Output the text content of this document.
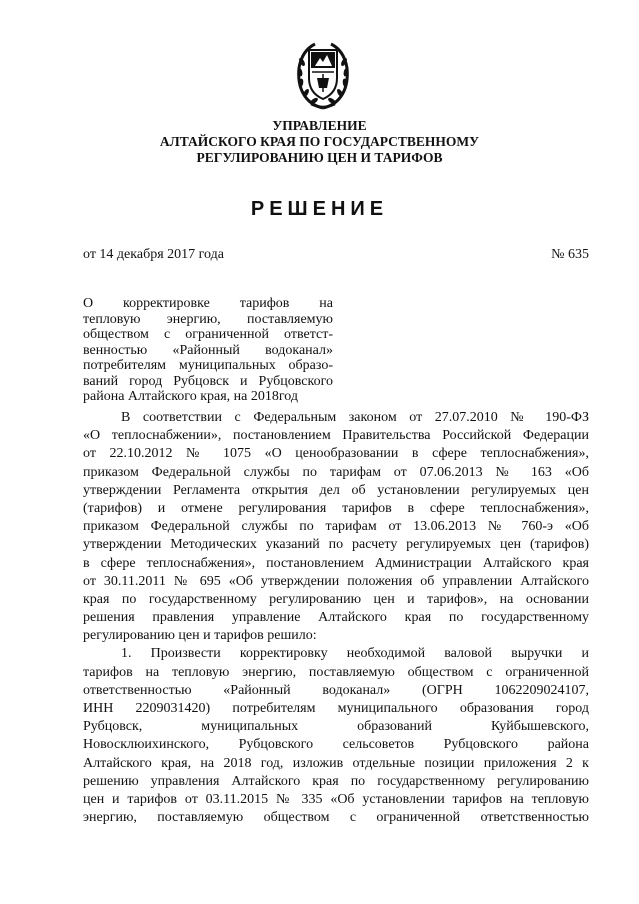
УПРАВЛЕНИЕ
АЛТАЙСКОГО КРАЯ ПО ГОСУДАРСТВЕННОМУ
РЕГУЛИРОВАНИЮ ЦЕН И ТАРИФОВ
РЕШЕНИЕ
от 14 декабря 2017 года	№ 635
О корректировке тарифов на
тепловую энергию, поставляемую
обществом с ограниченной ответст-
венностью «Районный водоканал»
потребителям муниципальных образо-
ваний город Рубцовск и Рубцовского
района Алтайского края, на 2018год
В соответствии с Федеральным законом от 27.07.2010 № 190-ФЗ
«О теплоснабжении», постановлением Правительства Российской Федерации
от 22.10.2012 № 1075 «О ценообразовании в сфере теплоснабжения»,
приказом Федеральной службы по тарифам от 07.06.2013 № 163 «Об
утверждении Регламента открытия дел об установлении регулируемых цен
(тарифов) и отмене регулирования тарифов в сфере теплоснабжения»,
приказом Федеральной службы по тарифам от 13.06.2013 № 760-э «Об
утверждении Методических указаний по расчету регулируемых цен (тарифов)
в сфере теплоснабжения», постановлением Администрации Алтайского края
от 30.11.2011 № 695 «Об утверждении положения об управлении Алтайского
края по государственному регулированию цен и тарифов», на основании
решения правления управление Алтайского края по государственному
регулированию цен и тарифов решило:
1. Произвести корректировку необходимой валовой выручки и
тарифов на тепловую энергию, поставляемую обществом с ограниченной
ответственностью «Районный водоканал» (ОГРН 1062209024107,
ИНН 2209031420) потребителям муниципального образования город
Рубцовск, муниципальных образований Куйбышевского,
Новосклюихинского, Рубцовского сельсоветов Рубцовского района
Алтайского края, на 2018 год, изложив отдельные позиции приложения 2 к
решению управления Алтайского края по государственному регулированию
цен и тарифов от 03.11.2015 № 335 «Об установлении тарифов на тепловую
энергию, поставляемую обществом с ограниченной ответственностью
